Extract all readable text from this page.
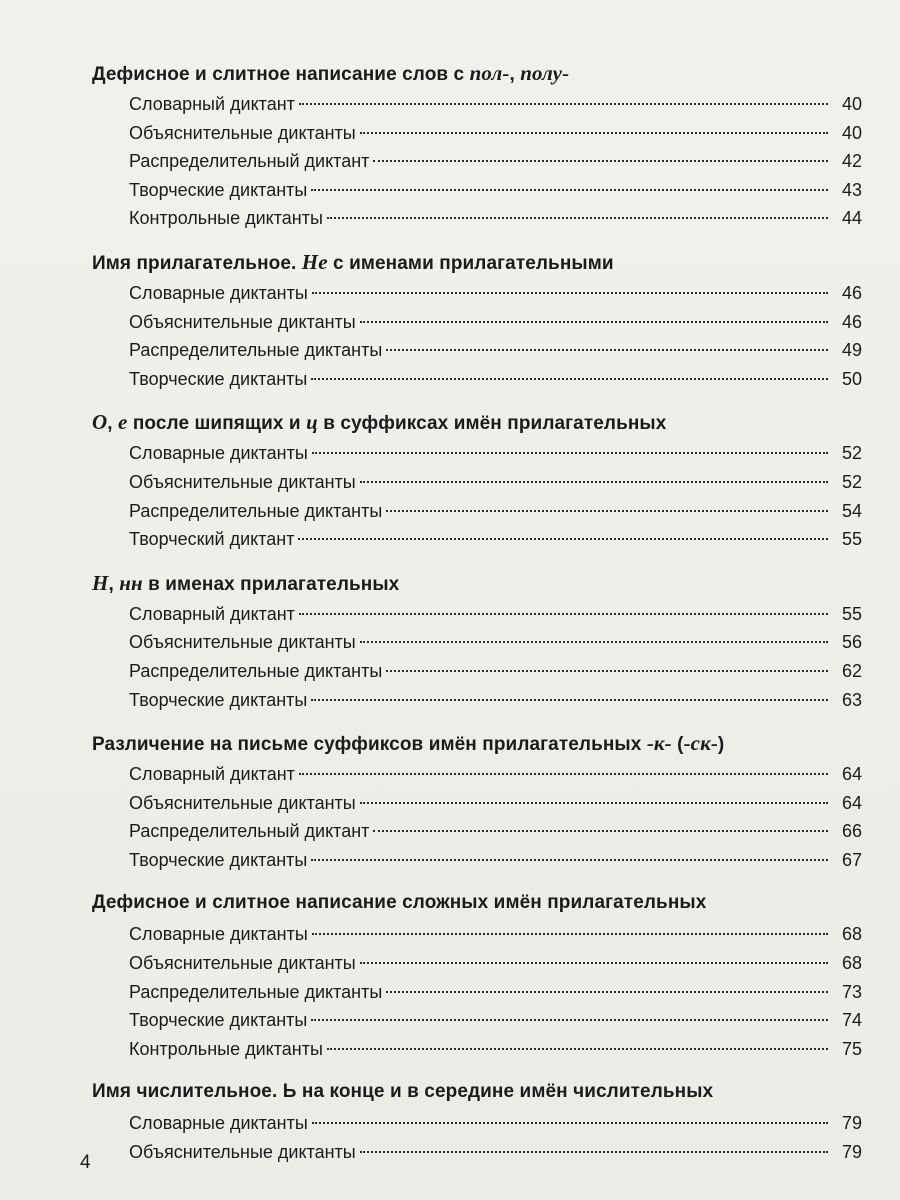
Дефисное и слитное написание слов с пол-, полу-
Словарный диктант	40
Объяснительные диктанты	40
Распределительный диктант	42
Творческие диктанты	43
Контрольные диктанты	44
Имя прилагательное. Не с именами прилагательными
Словарные диктанты	46
Объяснительные диктанты	46
Распределительные диктанты	49
Творческие диктанты	50
О, е после шипящих и ц в суффиксах имён прилагательных
Словарные диктанты	52
Объяснительные диктанты	52
Распределительные диктанты	54
Творческий диктант	55
Н, нн в именах прилагательных
Словарный диктант	55
Объяснительные диктанты	56
Распределительные диктанты	62
Творческие диктанты	63
Различение на письме суффиксов имён прилагательных -к- (-ск-)
Словарный диктант	64
Объяснительные диктанты	64
Распределительный диктант	66
Творческие диктанты	67
Дефисное и слитное написание сложных имён прилагательных
Словарные диктанты	68
Объяснительные диктанты	68
Распределительные диктанты	73
Творческие диктанты	74
Контрольные диктанты	75
Имя числительное. Ь на конце и в середине имён числительных
Словарные диктанты	79
Объяснительные диктанты	79
4
